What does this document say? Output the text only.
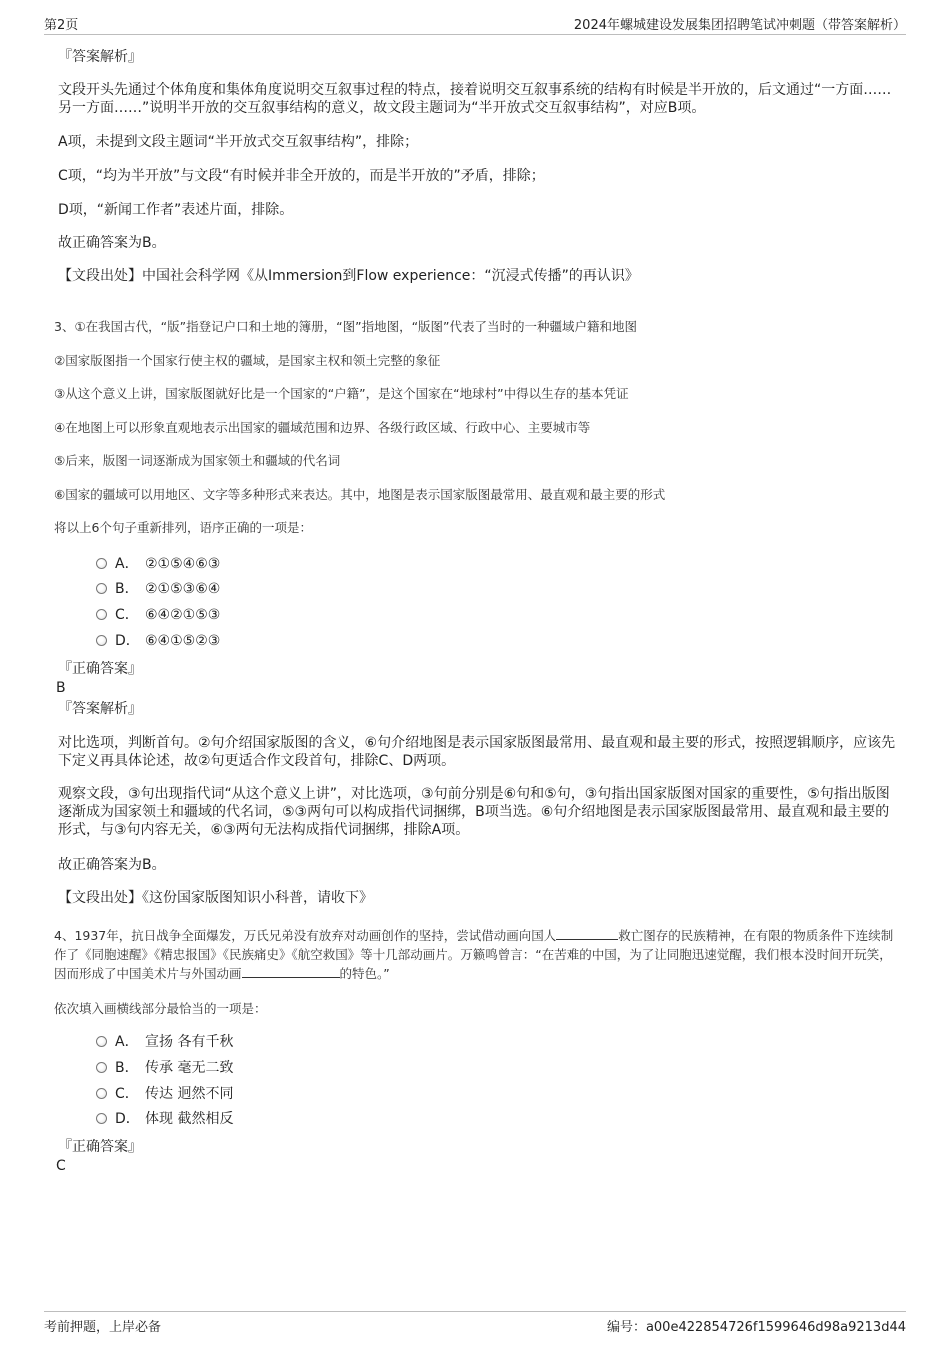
第2页	2024年螺城建设发展集团招聘笔试冲刺题（带答案解析）
『答案解析』
文段开头先通过个体角度和集体角度说明交互叙事过程的特点，接着说明交互叙事系统的结构有时候是半开放的，后文通过“一方面……另一方面……”说明半开放的交互叙事结构的意义，故文段主题词为“半开放式交互叙事结构”，对应B项。
A项，未提到文段主题词“半开放式交互叙事结构”，排除；
C项，“均为半开放”与文段“有时候并非全开放的，而是半开放的”矛盾，排除；
D项，“新闻工作者”表述片面，排除。
故正确答案为B。
【文段出处】中国社会科学网《从Immersion到Flow experience：“沉浸式传播”的再认识》
3、①在我国古代，“版”指登记户口和土地的簿册，“图”指地图，“版图”代表了当时的一种疆域户籍和地图
②国家版图指一个国家行使主权的疆域，是国家主权和领土完整的象征
③从这个意义上讲，国家版图就好比是一个国家的“户籍”，是这个国家在“地球村”中得以生存的基本凭证
④在地图上可以形象直观地表示出国家的疆域范围和边界、各级行政区域、行政中心、主要城市等
⑤后来，版图一词逐渐成为国家领土和疆域的代名词
⑥国家的疆域可以用地区、文字等多种形式来表达。其中，地图是表示国家版图最常用、最直观和最主要的形式
将以上6个句子重新排列，语序正确的一项是：
A． ②①⑤④⑥③
B． ②①⑤③⑥④
C． ⑥④②①⑤③
D． ⑥④①⑤②③
『正确答案』
B
『答案解析』
对比选项，判断首句。②句介绍国家版图的含义，⑥句介绍地图是表示国家版图最常用、最直观和最主要的形式，按照逻辑顺序，应该先下定义再具体论述，故②句更适合作文段首句，排除C、D两项。
观察文段，③句出现指代词“从这个意义上讲”，对比选项，③句前分别是⑥句和⑤句，③句指出国家版图对国家的重要性，⑤句指出版图逐渐成为国家领土和疆域的代名词，⑤③两句可以构成指代词捆绑，B项当选。⑥句介绍地图是表示国家版图最常用、最直观和最主要的形式，与③句内容无关，⑥③两句无法构成指代词捆绑，排除A项。
故正确答案为B。
【文段出处】《这份国家版图知识小科普，请收下》
4、1937年，抗日战争全面爆发，万氏兄弟没有放弃对动画创作的坚持，尝试借动画向国人	救亡图存的民族精神，在有限的物质条件下连续制作了《同胞速醒》《精忠报国》《民族痛史》《航空救国》等十几部动画片。万籁鸣曾言：“在苦难的中国，为了让同胞迅速觉醒，我们根本没时间开玩笑，因而形成了中国美术片与外国动画	的特色。”
依次填入画横线部分最恰当的一项是：
A． 宣扬 各有千秋
B． 传承 毫无二致
C． 传达 迥然不同
D． 体现 截然相反
『正确答案』
C
考前押题，上岸必备	编号：a00e422854726f1599646d98a9213d44
